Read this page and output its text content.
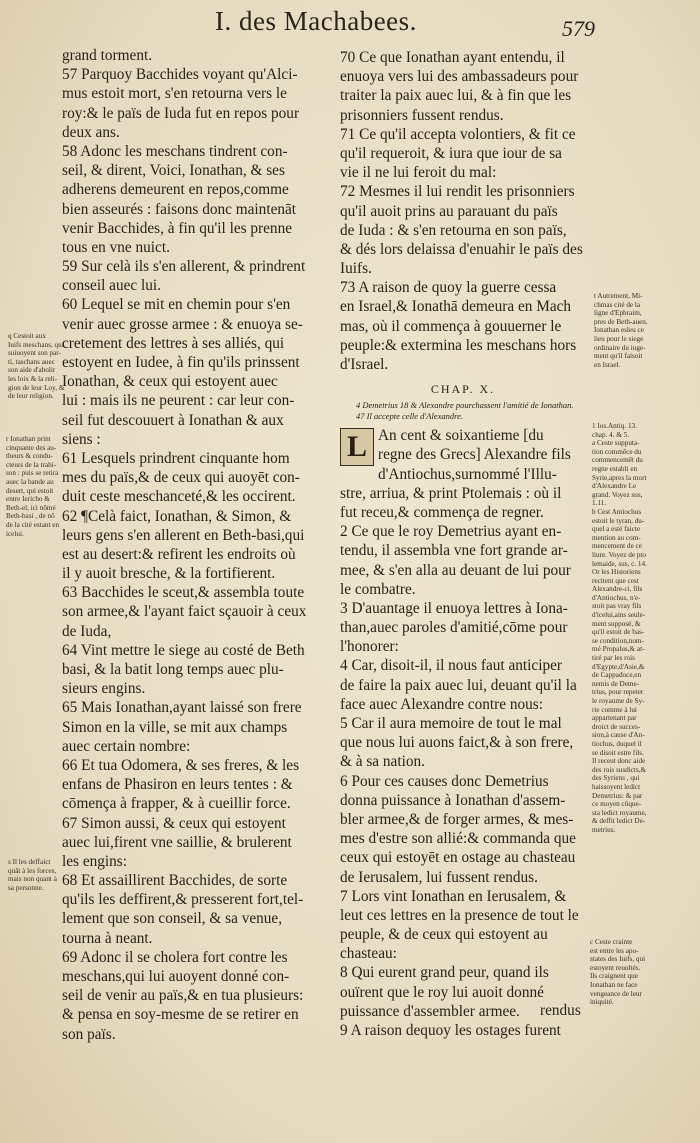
I. des Machabees.	579
q Cestoit aux
Iuifs meschans, qui
suiuoyent son par-
ti, taschans auec
son aide d'abolir
les loix & la reli-
gion de leur Loy, &
de leur religion.
r Ionathan print
cinquante des au-
theurs & condu-
cteurs de la trahi-
son : puis se retira
auec la bande au
desert, qui estoit
entre Iericho &
Beth-el, ici nōmé
Beth-basi , de nō
de la cité estant en
icelui.
s Il les deffaict
quāt à les forces,
mais non quant à
sa personne.
grand torment.
57 Parquoy Bacchides voyant qu'Alci-
mus estoit mort, s'en retourna vers le
roy:& le païs de Iuda fut en repos pour
deux ans.
58 Adonc les meschans tindrent con-
seil, & dirent, Voici, Ionathan, & ses
adherens demeurent en repos,comme
bien asseurés : faisons donc maintenāt
venir Bacchides, à fin qu'il les prenne
tous en vne nuict.
59 Sur celà ils s'en allerent, & prindrent
conseil auec lui.
60 Lequel se mit en chemin pour s'en
venir auec grosse armee : & enuoya se-
cretement des lettres à ses alliés, qui
estoyent en Iudee, à fin qu'ils prinssent
Ionathan, & ceux qui estoyent auec
lui : mais ils ne peurent : car leur con-
seil fut descouuert à Ionathan & aux
siens :
61 Lesquels prindrent cinquante hom
mes du païs,& de ceux qui auoyēt con-
duit ceste meschanceté,& les occirent.
62 ¶Celà faict, Ionathan, & Simon, &
leurs gens s'en allerent en Beth-basi,qui
est au desert:& refirent les endroits où
il y auoit bresche, & la fortifierent.
63 Bacchides le sceut,& assembla toute
son armee,& l'ayant faict sçauoir à ceux
de Iuda,
64 Vint mettre le siege au costé de Beth
basi, & la batit long temps auec plu-
sieurs engins.
65 Mais Ionathan,ayant laissé son frere
Simon en la ville, se mit aux champs
auec certain nombre:
66 Et tua Odomera, & ses freres, & les
enfans de Phasiron en leurs tentes : &
cōmença à frapper, & à cueillir force.
67 Simon aussi, & ceux qui estoyent
auec lui,firent vne saillie, & brulerent
les engins:
68 Et assaillirent Bacchides, de sorte
qu'ils les deffirent,& presserent fort,tel-
lement que son conseil, & sa venue,
tourna à neant.
69 Adonc il se cholera fort contre les
meschans,qui lui auoyent donné con-
seil de venir au païs,& en tua plusieurs:
& pensa en soy-mesme de se retirer en
son païs.
70 Ce que Ionathan ayant entendu, il
enuoya vers lui des ambassadeurs pour
traiter la paix auec lui, & à fin que les
prisonniers fussent rendus.
71 Ce qu'il accepta volontiers, & fit ce
qu'il requeroit, & iura que iour de sa
vie il ne lui feroit du mal:
72 Mesmes il lui rendit les prisonniers
qu'il auoit prins au parauant du païs
de Iuda : & s'en retourna en son païs,
& dés lors delaissa d'enuahir le païs des
Iuifs.
73 A raison de quoy la guerre cessa
en Israel,& Ionathā demeura en Mach
mas, où il commença à gouuerner le
peuple:& extermina les meschans hors
d'Israel.
CHAP. X.
4 Demetrius 18 & Alexandre pourchassent l'amitié de Ionathan.
47 Il accepte celle d'Alexandre.
L An cent & soixantieme [du
regne des Grecs] Alexandre fils
d'Antiochus,surnommé l'Illu-
stre, arriua, & print Ptolemais : où il
fut receu,& commença de regner.
2 Ce que le roy Demetrius ayant en-
tendu, il assembla vne fort grande ar-
mee, & s'en alla au deuant de lui pour
le combatre.
3 D'auantage il enuoya lettres à Iona-
than,auec paroles d'amitié,cōme pour
l'honorer:
4 Car, disoit-il, il nous faut anticiper
de faire la paix auec lui, deuant qu'il la
face auec Alexandre contre nous:
5 Car il aura memoire de tout le mal
que nous lui auons faict,& à son frere,
& à sa nation.
6 Pour ces causes donc Demetrius
donna puissance à Ionathan d'assem-
bler armee,& de forger armes, & mes-
mes d'estre son allié:& commanda que
ceux qui estoyēt en ostage au chasteau
de Ierusalem, lui fussent rendus.
7 Lors vint Ionathan en Ierusalem, &
leut ces lettres en la presence de tout le
peuple, & de ceux qui estoyent au
chasteau:
8 Qui eurent grand peur, quand ils
ouïrent que le roy lui auoit donné
puissance d'assembler armee.
9 A raison dequoy les ostages furent
t Autrement, Mi-
chmas cité de la
ligne d'Ephraim,
pres de Beth-auen.
Ionathan esleu ce
lieu pour le siege
ordinaire du iuge-
ment qu'il faisoit
en Israel.
1 Ios.Antiq. 13.
chap. 4. & 5.
a Ceste supputa-
tion commēce du
commencemēt du
regne establi en
Syrie,apres la mort
d'Alexandre Le
grand. Voyez sus,
1.11.
b Cest Antiochus
estoit le tyran, du-
quel a esté faicte
mention au com-
mencement de ce
liure. Voyez de pto
lemaide, sus, c. 14.
Or les Historiens
recitent que cest
Alexandre-ci, fils
d'Antiochus, n'e-
stoit pas vray fils
d'icelui,ains seule-
ment supposé, &
qu'il estoit de bas-
se condition,nom-
mé Propalus,& at-
tiré par les rois
d'Egypte,d'Asie,&
de Cappadoce,en
nemis de Deme-
trius, pour repeter
le royaume de Sy-
rie comme à lui
appartenant par
droict de succes-
sion,à cause d'An-
tiochus, duquel il
se disoit estre fils.
Il receut donc aide
des rois susdicts,&
des Syriens , qui
haissoyent ledict
Demetrius: & par
ce moyen cōque-
sta ledict royaume,
& deffit ledict De-
metrius.
c Ceste crainte
est entre les apo-
states des Iuifs, qui
estoyent reuoltés.
Ils craignent que
Ionathan ne face
vengeance de leur
iniquité.
rendus
